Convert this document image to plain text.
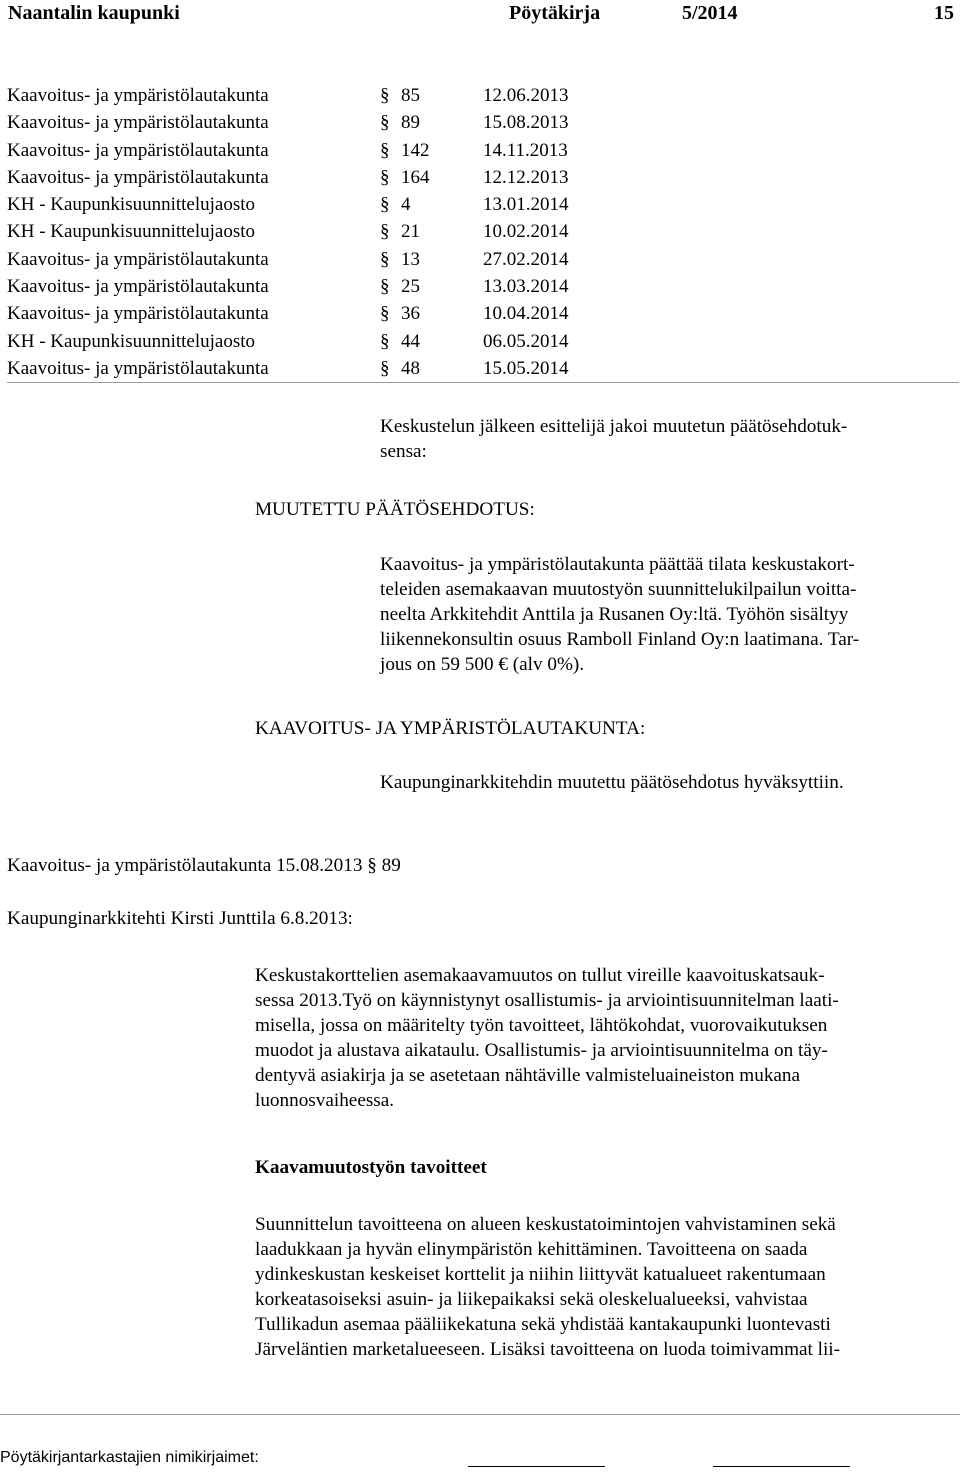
Naantalin kaupunki	Pöytäkirja	5/2014	15
Kaavoitus- ja ympäristölautakunta	§ 85	12.06.2013
Kaavoitus- ja ympäristölautakunta	§ 89	15.08.2013
Kaavoitus- ja ympäristölautakunta	§ 142	14.11.2013
Kaavoitus- ja ympäristölautakunta	§ 164	12.12.2013
KH - Kaupunkisuunnittelujaosto	§ 4	13.01.2014
KH - Kaupunkisuunnittelujaosto	§ 21	10.02.2014
Kaavoitus- ja ympäristölautakunta	§ 13	27.02.2014
Kaavoitus- ja ympäristölautakunta	§ 25	13.03.2014
Kaavoitus- ja ympäristölautakunta	§ 36	10.04.2014
KH - Kaupunkisuunnittelujaosto	§ 44	06.05.2014
Kaavoitus- ja ympäristölautakunta	§ 48	15.05.2014
Keskustelun jälkeen esittelijä jakoi muutetun päätösehdotuk-
sensa:
MUUTETTU PÄÄTÖSEHDOTUS:
Kaavoitus- ja ympäristölautakunta päättää tilata keskustakort-
teleiden asemakaavan muutostyön suunnittelukilpailun voitta-
neelta Arkkitehdit Anttila ja Rusanen Oy:ltä. Työhön sisältyy
liikennekonsultin osuus Ramboll Finland Oy:n laatimana. Tar-
jous on 59 500 € (alv 0%).
KAAVOITUS- JA YMPÄRISTÖLAUTAKUNTA:
Kaupunginarkkitehdin muutettu päätösehdotus hyväksyttiin.
Kaavoitus- ja ympäristölautakunta 15.08.2013 § 89
Kaupunginarkkitehti Kirsti Junttila 6.8.2013:
Keskustakorttelien asemakaavamuutos on tullut vireille kaavoituskatsauk-
sessa 2013.Työ on käynnistynyt osallistumis- ja arviointisuunnitelman laati-
misella, jossa on määritelty työn tavoitteet, lähtökohdat, vuorovaikutuksen
muodot ja alustava aikataulu. Osallistumis- ja arviointisuunnitelma on täy-
dentyvä asiakirja ja se asetetaan nähtäville valmisteluaineiston mukana
luonnosvaiheessa.
Kaavamuutostyön tavoitteet
Suunnittelun tavoitteena on alueen keskustatoimintojen vahvistaminen sekä
laadukkaan ja hyvän elinympäristön kehittäminen. Tavoitteena on saada
ydinkeskustan keskeiset korttelit ja niihin liittyvät katualueet rakentumaan
korkeatasoiseksi asuin- ja liikepaikaksi sekä oleskelualueeksi, vahvistaa
Tullikadun asemaa pääliikekatuna sekä yhdistää kantakaupunki luontevasti
Järveläntien marketalueeseen. Lisäksi tavoitteena on luoda toimivammat lii-
Pöytäkirjantarkastajien nimikirjaimet:
